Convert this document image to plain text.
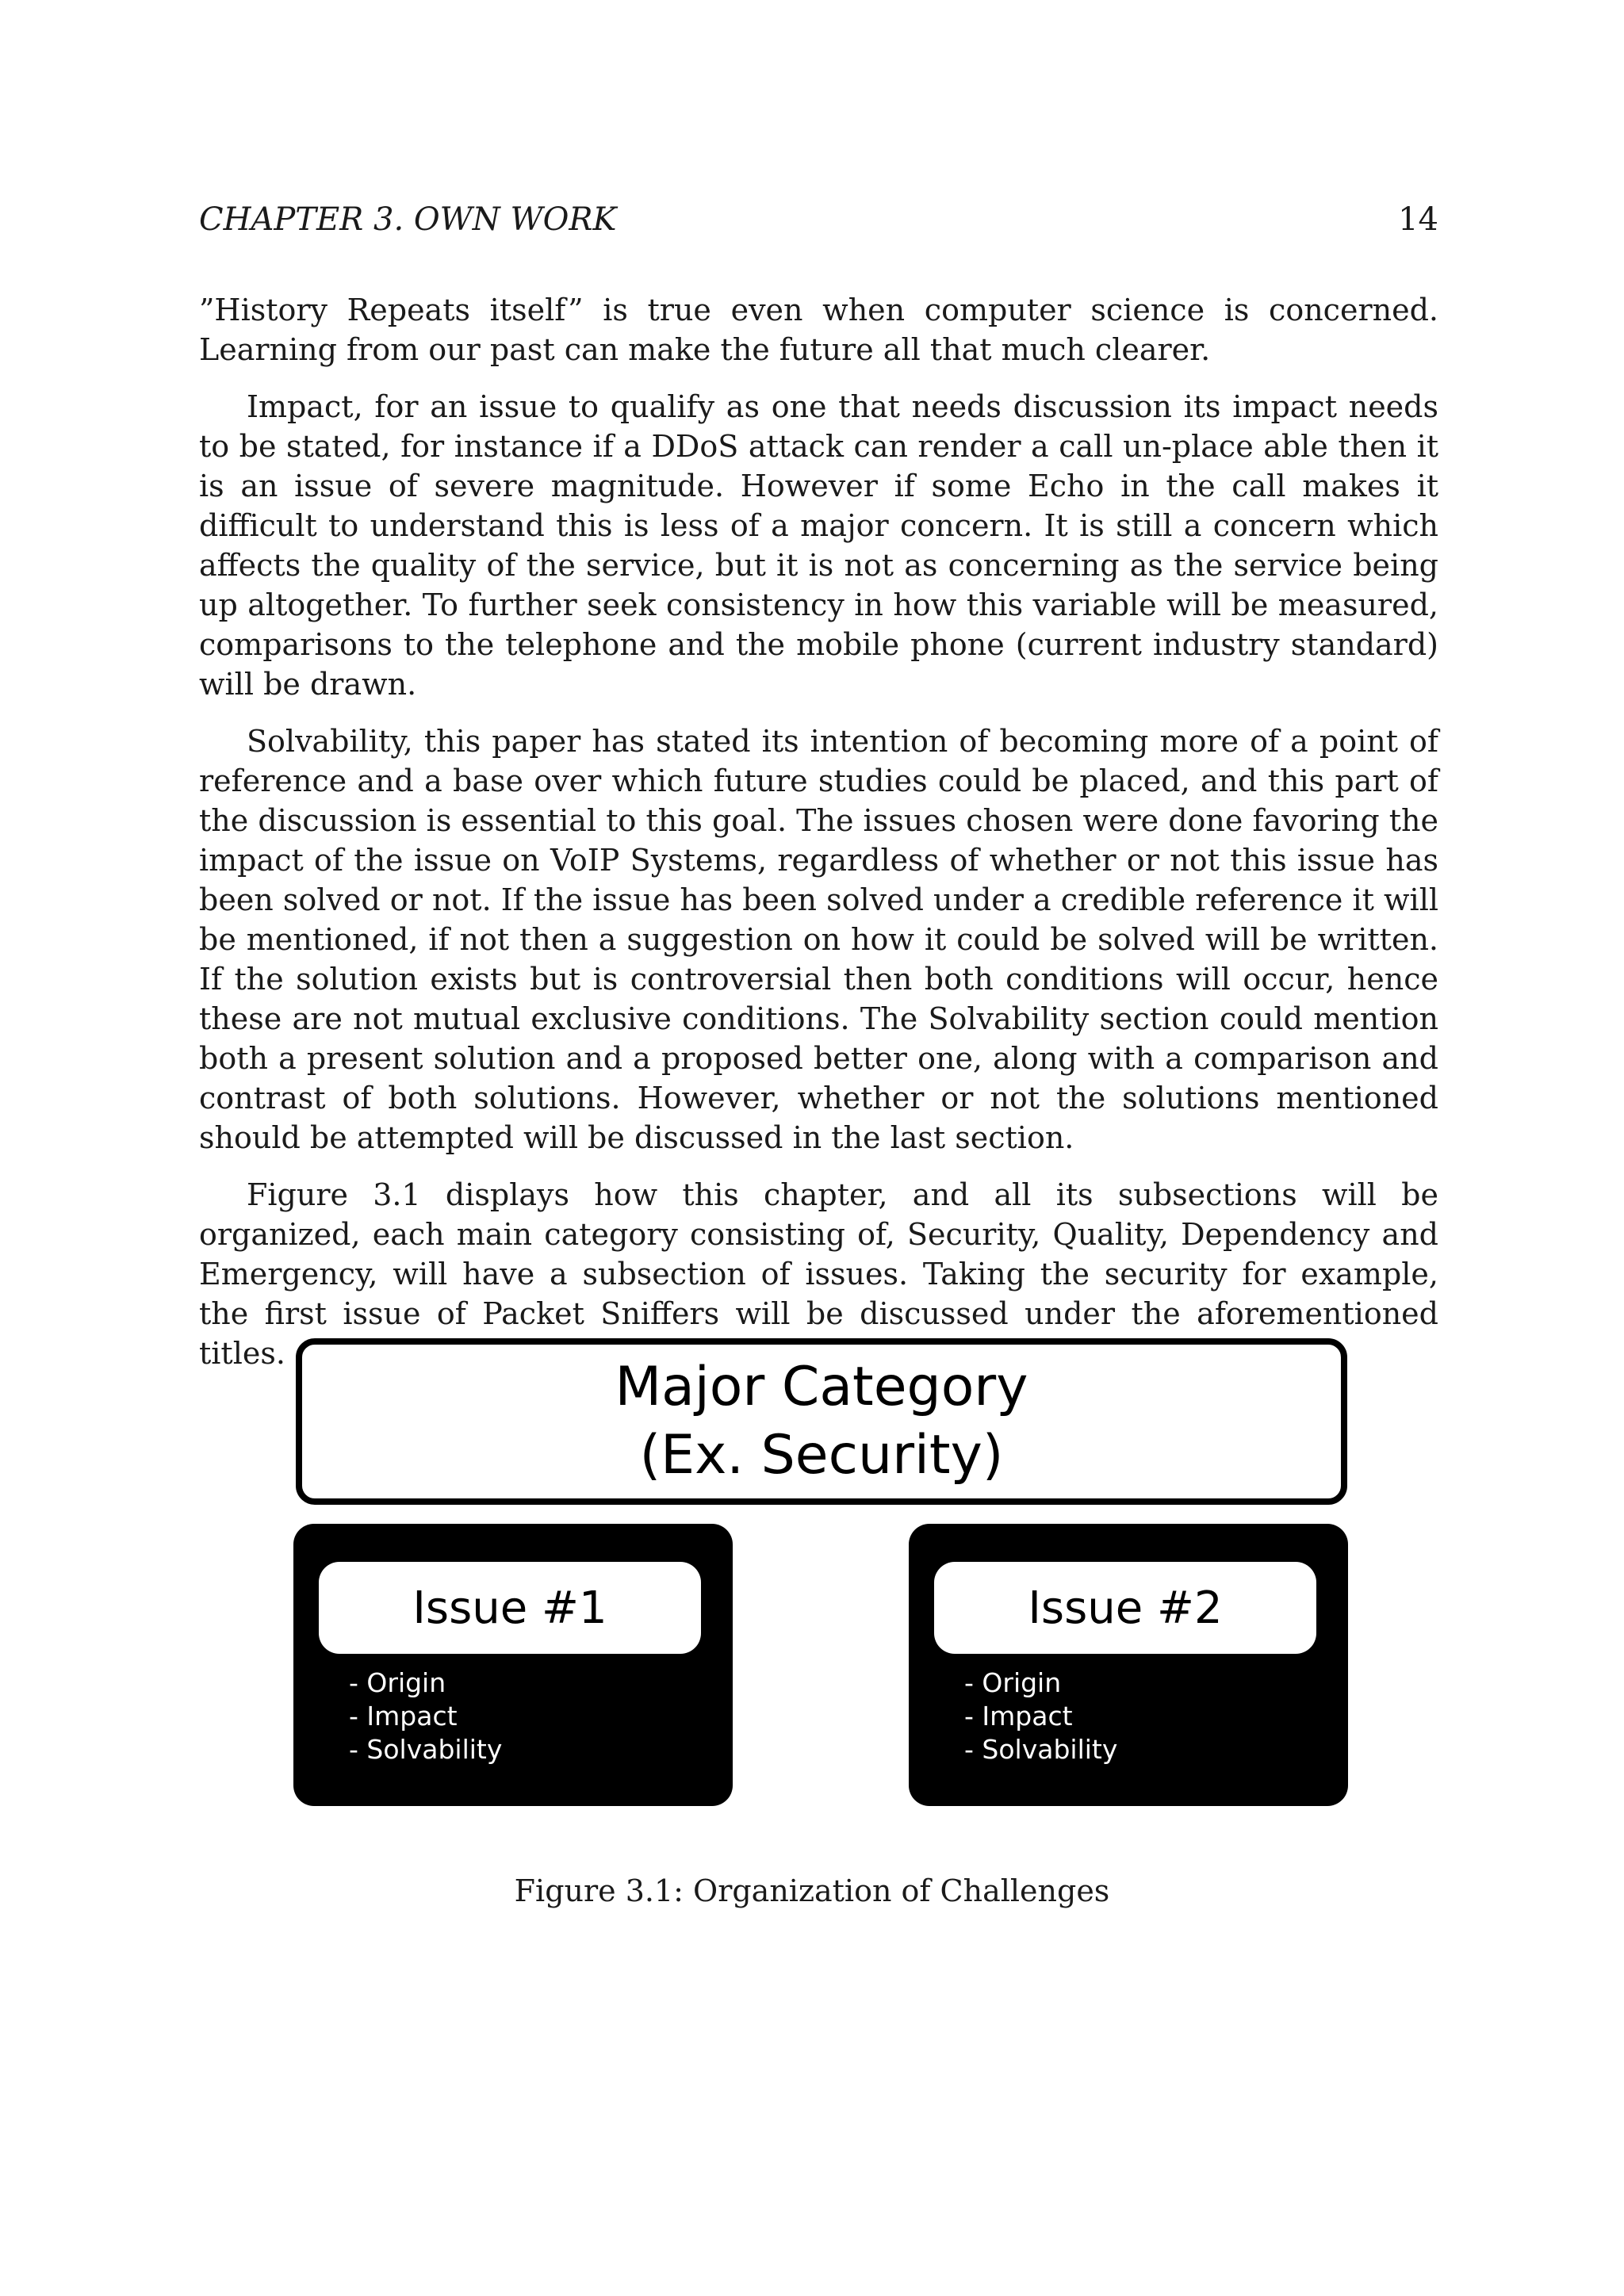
CHAPTER 3. OWN WORK	14

”History Repeats itself” is true even when computer science is concerned. Learning from our past can make the future all that much clearer.

Impact, for an issue to qualify as one that needs discussion its impact needs to be stated, for instance if a DDoS attack can render a call un-place able then it is an issue of severe magnitude. However if some Echo in the call makes it difficult to understand this is less of a major concern. It is still a concern which affects the quality of the service, but it is not as concerning as the service being up altogether. To further seek consistency in how this variable will be measured, comparisons to the telephone and the mobile phone (current industry standard) will be drawn.

Solvability, this paper has stated its intention of becoming more of a point of reference and a base over which future studies could be placed, and this part of the discussion is essential to this goal. The issues chosen were done favoring the impact of the issue on VoIP Systems, regardless of whether or not this issue has been solved or not. If the issue has been solved under a credible reference it will be mentioned, if not then a suggestion on how it could be solved will be written. If the solution exists but is controversial then both conditions will occur, hence these are not mutual exclusive conditions. The Solvability section could mention both a present solution and a proposed better one, along with a comparison and contrast of both solutions. However, whether or not the solutions mentioned should be attempted will be discussed in the last section.

Figure 3.1 displays how this chapter, and all its subsections will be organized, each main category consisting of, Security, Quality, Dependency and Emergency, will have a subsection of issues. Taking the security for example, the first issue of Packet Sniffers will be discussed under the aforementioned titles.

Major Category
(Ex. Security)
Issue #1
- Origin
- Impact
- Solvability
Issue #2
- Origin
- Impact
- Solvability
Figure 3.1: Organization of Challenges
